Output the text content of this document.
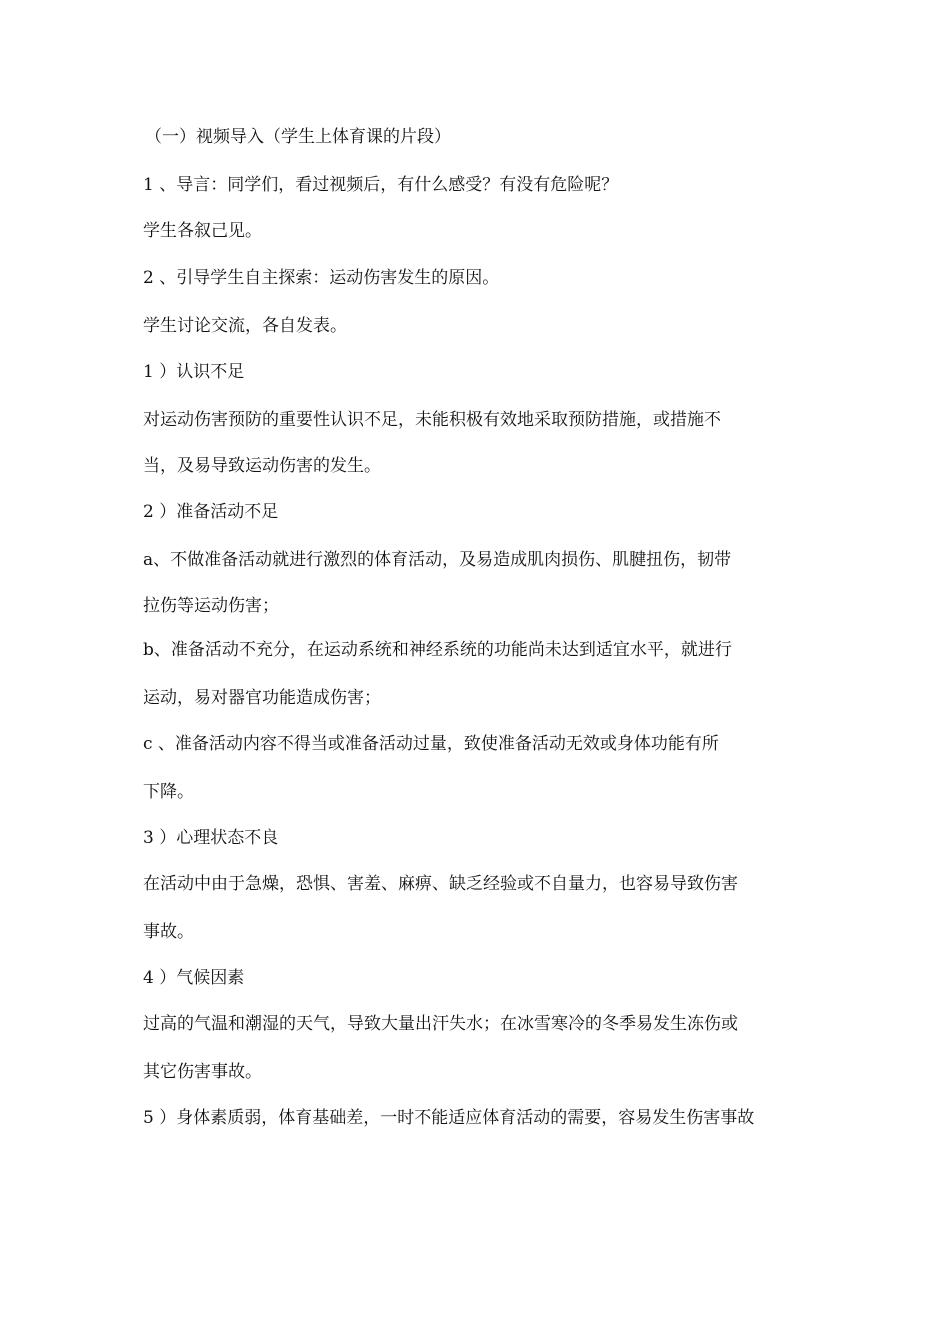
（一）视频导入（学生上体育课的片段）
1 、导言：同学们，看过视频后，有什么感受？有没有危险呢？
学生各叙己见。
2 、引导学生自主探索：运动伤害发生的原因。
学生讨论交流，各自发表。
1 ）认识不足
对运动伤害预防的重要性认识不足，未能积极有效地采取预防措施，或措施不
当，及易导致运动伤害的发生。
2 ）准备活动不足
a、不做准备活动就进行激烈的体育活动，及易造成肌肉损伤、肌腱扭伤，韧带
拉伤等运动伤害；
b、准备活动不充分，在运动系统和神经系统的功能尚未达到适宜水平，就进行
运动，易对器官功能造成伤害；
c 、准备活动内容不得当或准备活动过量，致使准备活动无效或身体功能有所
下降。
3 ）心理状态不良
在活动中由于急燥，恐惧、害羞、麻痹、缺乏经验或不自量力，也容易导致伤害
事故。
4 ）气候因素
过高的气温和潮湿的天气，导致大量出汗失水；在冰雪寒冷的冬季易发生冻伤或
其它伤害事故。
5 ）身体素质弱，体育基础差，一时不能适应体育活动的需要，容易发生伤害事故
